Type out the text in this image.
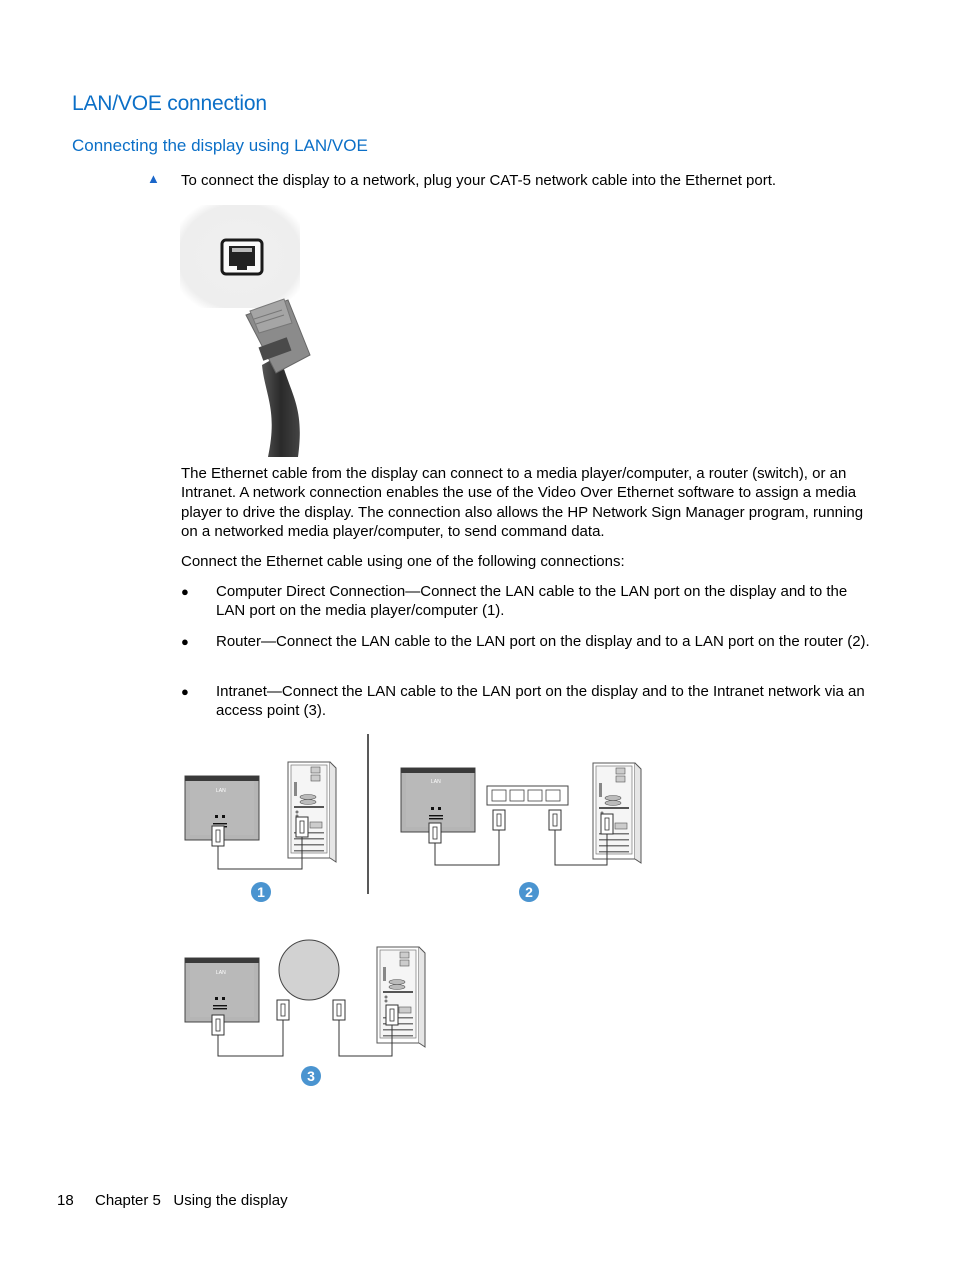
LAN/VOE connection
Connecting the display using LAN/VOE
▲ To connect the display to a network, plug your CAT-5 network cable into the Ethernet port.
The Ethernet cable from the display can connect to a media player/computer, a router (switch), or an Intranet. A network connection enables the use of the Video Over Ethernet software to assign a media player to drive the display. The connection also allows the HP Network Sign Manager program, running on a networked media player/computer, to send command data.
Connect the Ethernet cable using one of the following connections:
● Computer Direct Connection—Connect the LAN cable to the LAN port on the display and to the LAN port on the media player/computer (1).
● Router—Connect the LAN cable to the LAN port on the display and to a LAN port on the router (2).
● Intranet—Connect the LAN cable to the LAN port on the display and to the Intranet network via an access point (3).
LAN
LAN
LAN
1	2
3
18 Chapter 5   Using the display
